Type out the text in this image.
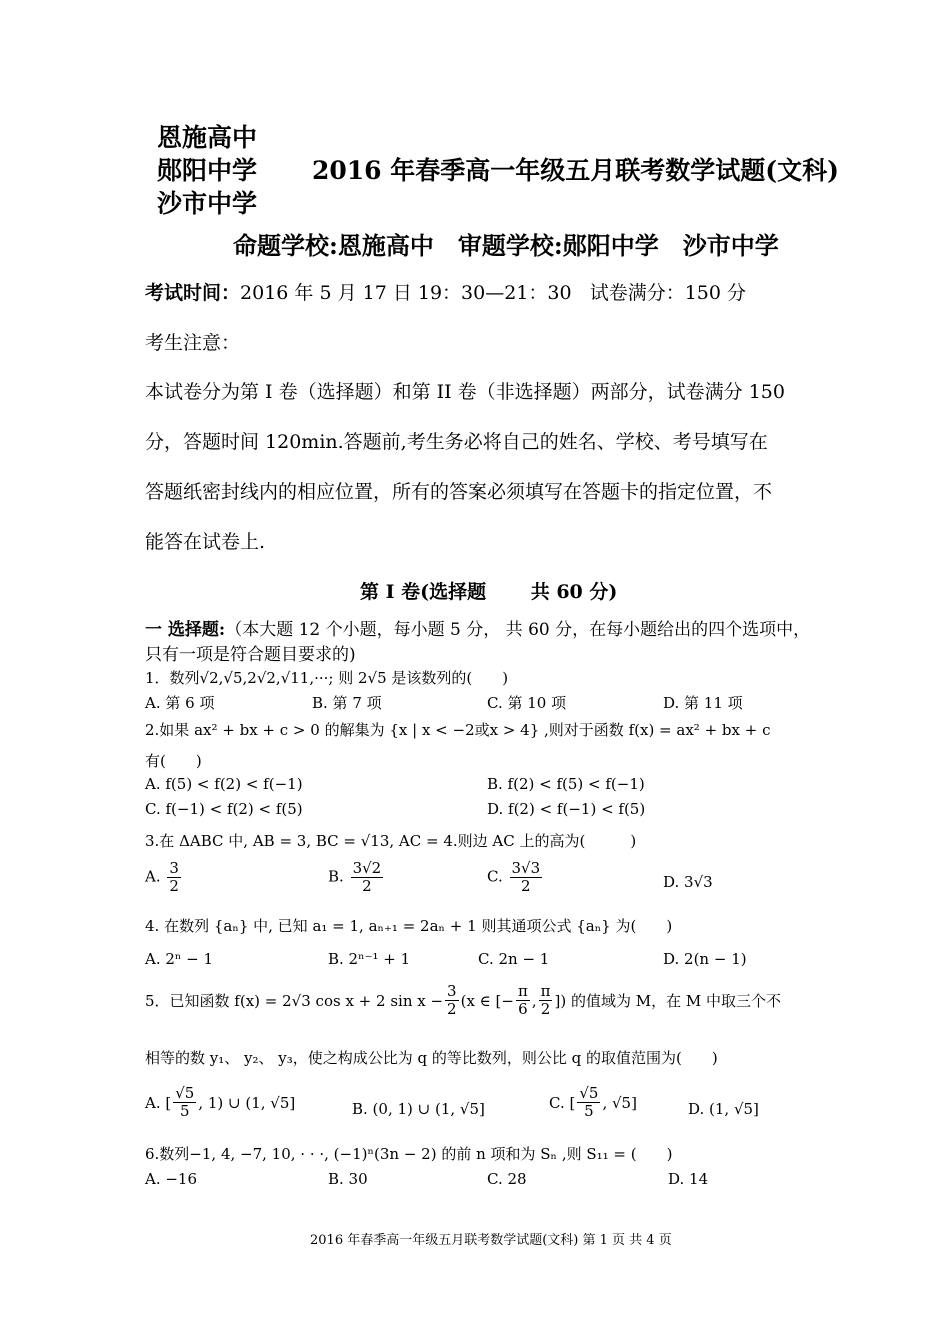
恩施高中
郧阳中学
沙市中学
2016 年春季高一年级五月联考数学试题(文科)
命题学校:恩施高中　审题学校:郧阳中学　沙市中学
考试时间：2016 年 5 月 17 日 19：30—21：30 试卷满分：150 分
考生注意：
本试卷分为第 I 卷（选择题）和第 II 卷（非选择题）两部分，试卷满分 150
分，答题时间 120min.答题前,考生务必将自己的姓名、学校、考号填写在
答题纸密封线内的相应位置，所有的答案必须填写在答题卡的指定位置，不
能答在试卷上.
第 I 卷(选择题　　 共 60 分)
一 选择题:（本大题 12 个小题，每小题 5 分， 共 60 分，在每小题给出的四个选项中，
只有一项是符合题目要求的)
1．数列√2,√5,2√2,√11,···; 则 2√5 是该数列的(　　)
A. 第 6 项	B. 第 7 项	C. 第 10 项	D. 第 11 项
2.如果 ax² + bx + c > 0 的解集为 {x | x < −2或x > 4} ,则对于函数 f(x) = ax² + bx + c
有(　　)
A. f(5) < f(2) < f(−1)	B. f(2) < f(5) < f(−1)
C. f(−1) < f(2) < f(5)	D. f(2) < f(−1) < f(5)
3.在 ΔABC 中, AB = 3, BC = √13, AC = 4.则边 AC 上的高为(　　　)
A. $\frac{3}{2}$	B. $\frac{3√2}{2}$	C. $\frac{3√3}{2}$	D. 3√3
4. 在数列 {aₙ} 中, 已知 a₁ = 1, aₙ₊₁ = 2aₙ + 1 则其通项公式 {aₙ} 为(　　)
A. 2ⁿ − 1	B. 2ⁿ⁻¹ + 1	C. 2n − 1	D. 2(n − 1)
5．已知函数 f(x) = 2√3 cos x + 2 $\sin x - \frac{3}{2} (x$ ∈ [− $\frac{\pi}{6}$ , $\frac{\pi}{2}$ ]) 的值域为 M，在 M 中取三个不
相等的数 y₁、 y₂、 y₃，使之构成公比为 q 的等比数列，则公比 q 的取值范围为(　　)
A. [ $\frac{√5}{5}$ , 1) ∪ (1, √5]	B. (0, 1) ∪ (1, √5]	C. [ $\frac{√5}{5}$ , √5]	D. (1, √5]
6.数列−1, 4, −7, 10, · · ·, (−1)ⁿ(3n − 2) 的前 n 项和为 Sₙ ,则 S₁₁ = (　　)
A. −16	B. 30	C. 28	D. 14
2016 年春季高一年级五月联考数学试题(文科) 第 1 页 共 4 页
